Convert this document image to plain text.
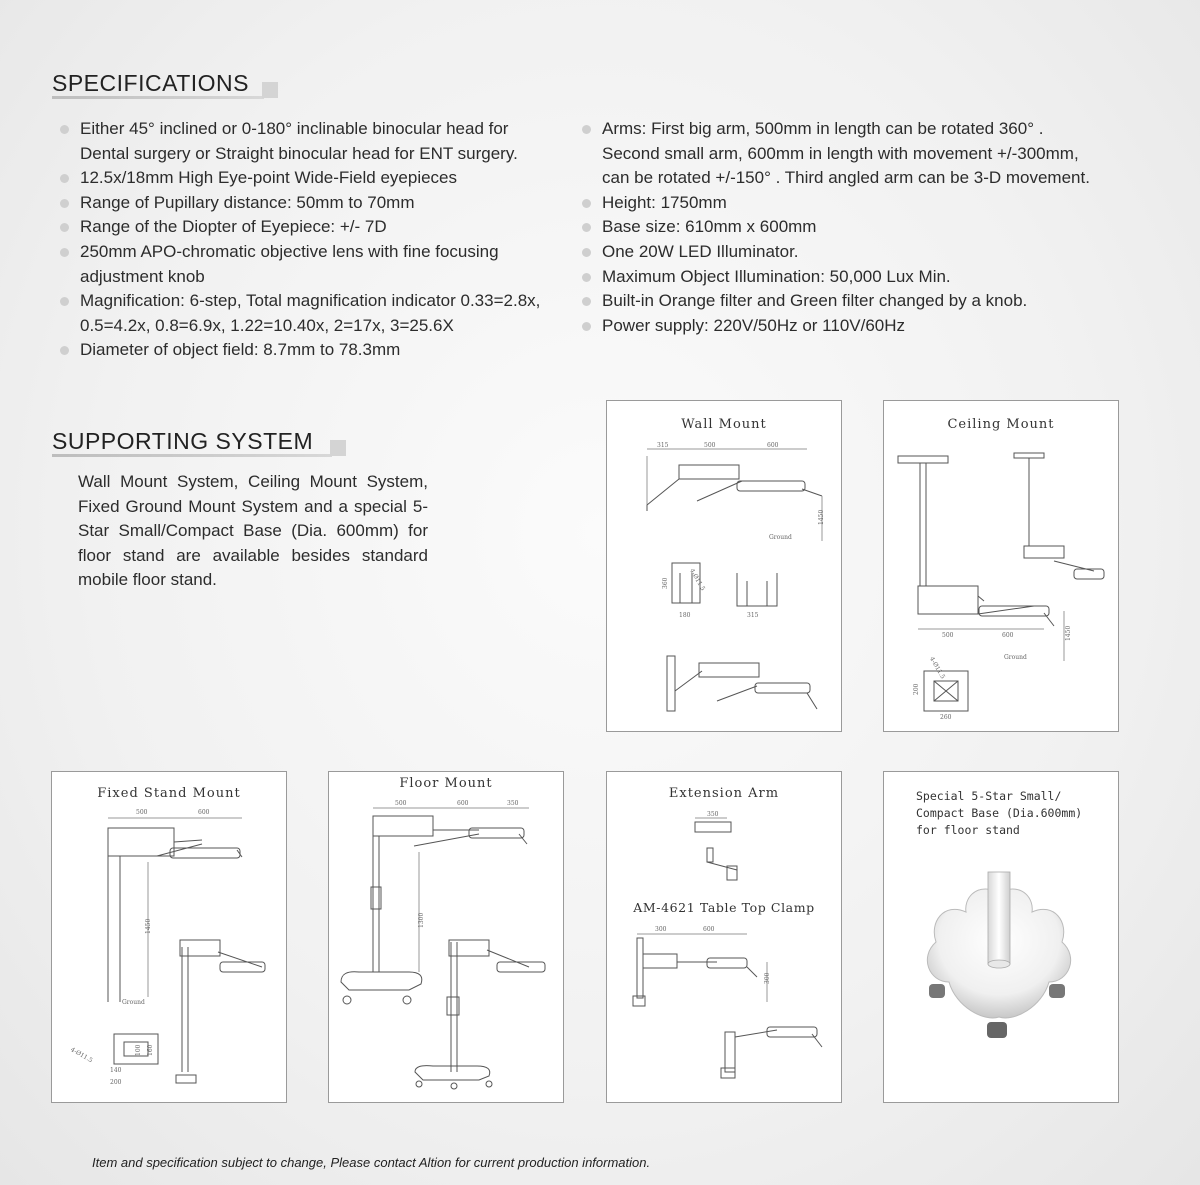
SPECIFICATIONS
Either 45° inclined or 0-180° inclinable binocular head for
Dental surgery or Straight binocular head for ENT surgery.
12.5x/18mm High Eye-point Wide-Field eyepieces
Range of Pupillary distance: 50mm to 70mm
Range of the Diopter of Eyepiece: +/- 7D
250mm APO-chromatic objective lens with fine focusing
adjustment knob
Magnification: 6-step, Total magnification indicator 0.33=2.8x,
0.5=4.2x, 0.8=6.9x, 1.22=10.40x, 2=17x, 3=25.6X
Diameter of object field: 8.7mm to 78.3mm
Arms: First big arm, 500mm in length can be rotated 360° .
Second small arm, 600mm in length with movement +/-300mm,
can be rotated +/-150° . Third angled arm can be 3-D movement.
Height: 1750mm
Base size: 610mm x 600mm
One 20W LED Illuminator.
Maximum Object Illumination: 50,000 Lux Min.
Built-in Orange filter and Green filter changed by a knob.
Power supply: 220V/50Hz or 110V/60Hz
SUPPORTING SYSTEM

Wall Mount System, Ceiling Mount System, Fixed Ground Mount System and a special 5-Star Small/Compact Base (Dia. 600mm) for floor stand are available besides standard mobile floor stand.

Wall Mount
315	500	600
Ground
1450
4-Ø11.5
360
180	315
Ceiling Mount
500	600	1450
Ground
4-Ø11.5
200
260
Fixed Stand Mount
500	600
1450
Ground
4-Ø11.5
140
200
100 160
Floor Mount
500	600	350
1300
Extension Arm
350
300	600
300
AM-4621 Table Top Clamp
Special 5-Star Small/
Compact Base (Dia.600mm)
for floor stand
Item and specification subject to change, Please contact Altion for current production information.
